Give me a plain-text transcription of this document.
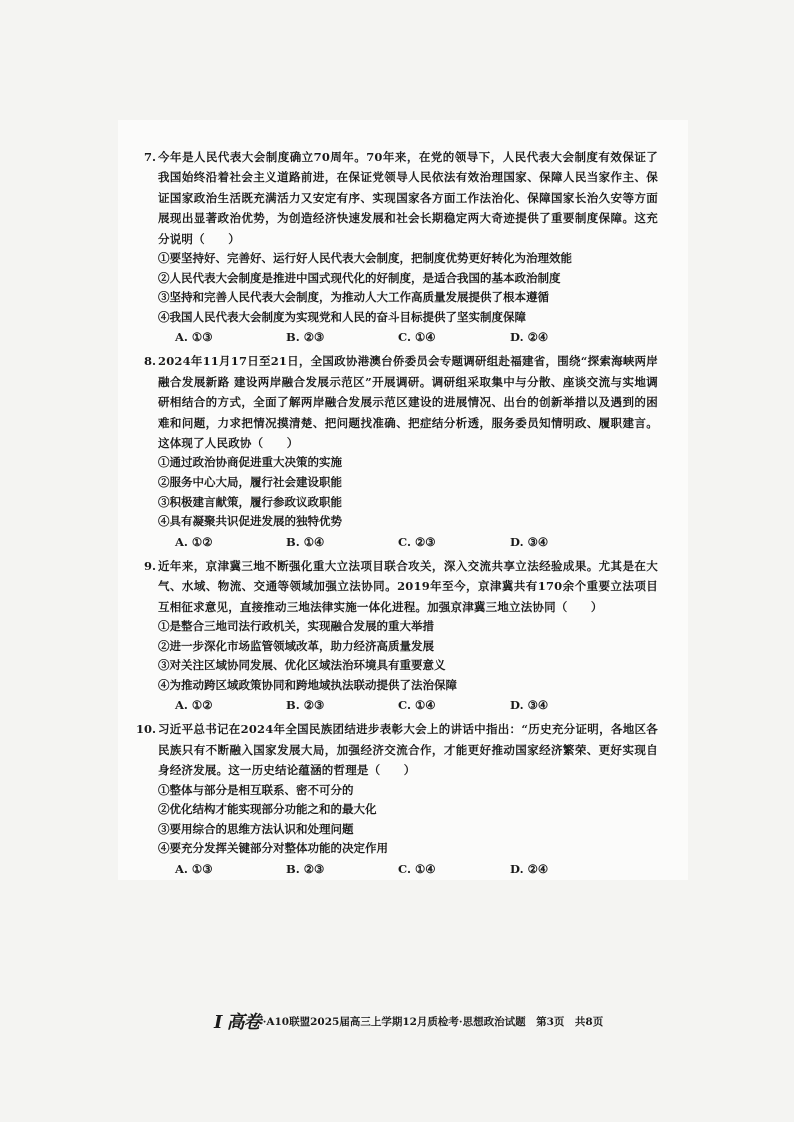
7. 今年是人民代表大会制度确立70周年。70年来，在党的领导下，人民代表大会制度有效保证了我国始终沿着社会主义道路前进，在保证党领导人民依法有效治理国家、保障人民当家作主、保证国家政治生活既充满活力又安定有序、实现国家各方面工作法治化、保障国家长治久安等方面展现出显著政治优势，为创造经济快速发展和社会长期稳定两大奇迹提供了重要制度保障。这充分说明（　　）
①要坚持好、完善好、运行好人民代表大会制度，把制度优势更好转化为治理效能
②人民代表大会制度是推进中国式现代化的好制度，是适合我国的基本政治制度
③坚持和完善人民代表大会制度，为推动人大工作高质量发展提供了根本遵循
④我国人民代表大会制度为实现党和人民的奋斗目标提供了坚实制度保障
A. ①③	B. ②③	C. ①④	D. ②④
8. 2024年11月17日至21日，全国政协港澳台侨委员会专题调研组赴福建省，围绕“探索海峡两岸融合发展新路 建设两岸融合发展示范区”开展调研。调研组采取集中与分散、座谈交流与实地调研相结合的方式，全面了解两岸融合发展示范区建设的进展情况、出台的创新举措以及遇到的困难和问题，力求把情况摸清楚、把问题找准确、把症结分析透，服务委员知情明政、履职建言。这体现了人民政协（　　）
①通过政治协商促进重大决策的实施
②服务中心大局，履行社会建设职能
③积极建言献策，履行参政议政职能
④具有凝聚共识促进发展的独特优势
A. ①②	B. ①④	C. ②③	D. ③④
9. 近年来，京津冀三地不断强化重大立法项目联合攻关，深入交流共享立法经验成果。尤其是在大气、水域、物流、交通等领域加强立法协同。2019年至今，京津冀共有170余个重要立法项目互相征求意见，直接推动三地法律实施一体化进程。加强京津冀三地立法协同（　　）
①是整合三地司法行政机关，实现融合发展的重大举措
②进一步深化市场监管领域改革，助力经济高质量发展
③对关注区域协同发展、优化区域法治环境具有重要意义
④为推动跨区域政策协同和跨地域执法联动提供了法治保障
A. ①②	B. ②③	C. ①④	D. ③④
10. 习近平总书记在2024年全国民族团结进步表彰大会上的讲话中指出：“历史充分证明，各地区各民族只有不断融入国家发展大局，加强经济交流合作，才能更好推动国家经济繁荣、更好实现自身经济发展。这一历史结论蕴涵的哲理是（　　）
①整体与部分是相互联系、密不可分的
②优化结构才能实现部分功能之和的最大化
③要用综合的思维方法认识和处理问题
④要充分发挥关键部分对整体功能的决定作用
A. ①③	B. ②③	C. ①④	D. ②④
I 高卷 ·A10联盟2025届高三上学期12月质检考·思想政治试题　第3页　共8页
